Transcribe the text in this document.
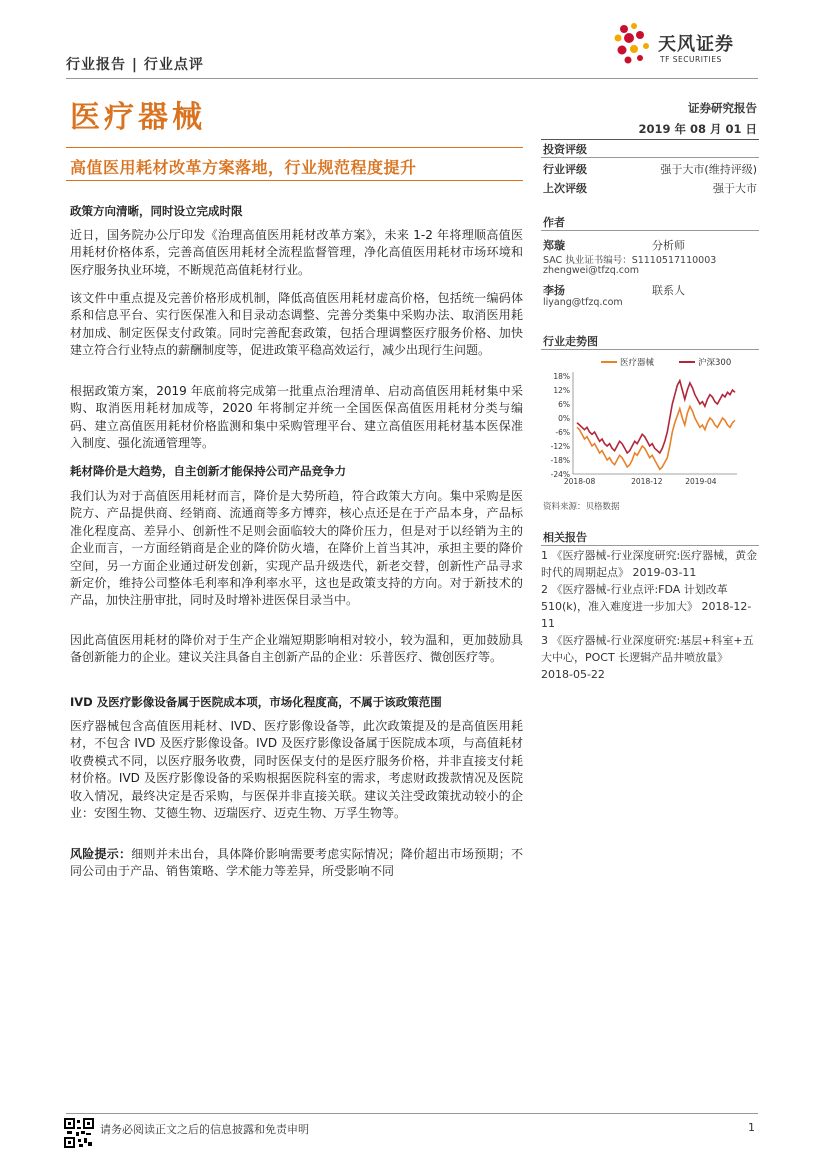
行业报告 | 行业点评
天风证券
TF SECURITIES
医疗器械	证券研究报告
2019 年 08 月 01 日
高值医用耗材改革方案落地，行业规范程度提升
投资评级
行业评级	强于大市(维持评级)
上次评级	强于大市
作者
郑璇	分析师
SAC 执业证书编号：S1110517110003
zhengwei@tfzq.com
李扬	联系人
liyang@tfzq.com
行业走势图
18%
12%
6%
0%
-6%
-12%
-18%
-24%
2018-08	2018-12	2019-04
医疗器械	沪深300
资料来源：贝格数据
相关报告
1 《医疗器械-行业深度研究:医疗器械，黄金时代的周期起点》 2019-03-11
2 《医疗器械-行业点评:FDA 计划改革 510(k)，准入难度进一步加大》 2018-12-11
3 《医疗器械-行业深度研究:基层+科室+五大中心，POCT 长逻辑产品井喷放量》 2018-05-22
政策方向清晰，同时设立完成时限
近日，国务院办公厅印发《治理高值医用耗材改革方案》，未来 1-2 年将理顺高值医用耗材价格体系，完善高值医用耗材全流程监督管理，净化高值医用耗材市场环境和医疗服务执业环境，不断规范高值耗材行业。
该文件中重点提及完善价格形成机制，降低高值医用耗材虚高价格，包括统一编码体系和信息平台、实行医保准入和目录动态调整、完善分类集中采购办法、取消医用耗材加成、制定医保支付政策。同时完善配套政策，包括合理调整医疗服务价格、加快建立符合行业特点的薪酬制度等，促进政策平稳高效运行，减少出现行生问题。
根据政策方案，2019 年底前将完成第一批重点治理清单、启动高值医用耗材集中采购、取消医用耗材加成等，2020 年将制定并统一全国医保高值医用耗材分类与编码、建立高值医用耗材价格监测和集中采购管理平台、建立高值医用耗材基本医保准入制度、强化流通管理等。
耗材降价是大趋势，自主创新才能保持公司产品竞争力
我们认为对于高值医用耗材而言，降价是大势所趋，符合政策大方向。集中采购是医院方、产品提供商、经销商、流通商等多方博弈，核心点还是在于产品本身，产品标准化程度高、差异小、创新性不足则会面临较大的降价压力，但是对于以经销为主的企业而言，一方面经销商是企业的降价防火墙，在降价上首当其冲，承担主要的降价空间，另一方面企业通过研发创新，实现产品升级迭代，新老交替，创新性产品寻求新定价，维持公司整体毛利率和净利率水平，这也是政策支持的方向。对于新技术的产品，加快注册审批，同时及时增补进医保目录当中。
因此高值医用耗材的降价对于生产企业端短期影响相对较小，较为温和，更加鼓励具备创新能力的企业。建议关注具备自主创新产品的企业：乐普医疗、微创医疗等。
IVD 及医疗影像设备属于医院成本项，市场化程度高，不属于该政策范围
医疗器械包含高值医用耗材、IVD、医疗影像设备等，此次政策提及的是高值医用耗材，不包含 IVD 及医疗影像设备。IVD 及医疗影像设备属于医院成本项，与高值耗材收费模式不同，以医疗服务收费，同时医保支付的是医疗服务价格，并非直接支付耗材价格。IVD 及医疗影像设备的采购根据医院科室的需求，考虑财政拨款情况及医院收入情况，最终决定是否采购，与医保并非直接关联。建议关注受政策扰动较小的企业：安图生物、艾德生物、迈瑞医疗、迈克生物、万孚生物等。
风险提示：细则并未出台，具体降价影响需要考虑实际情况；降价超出市场预期；不同公司由于产品、销售策略、学术能力等差异，所受影响不同
请务必阅读正文之后的信息披露和免责申明	1
